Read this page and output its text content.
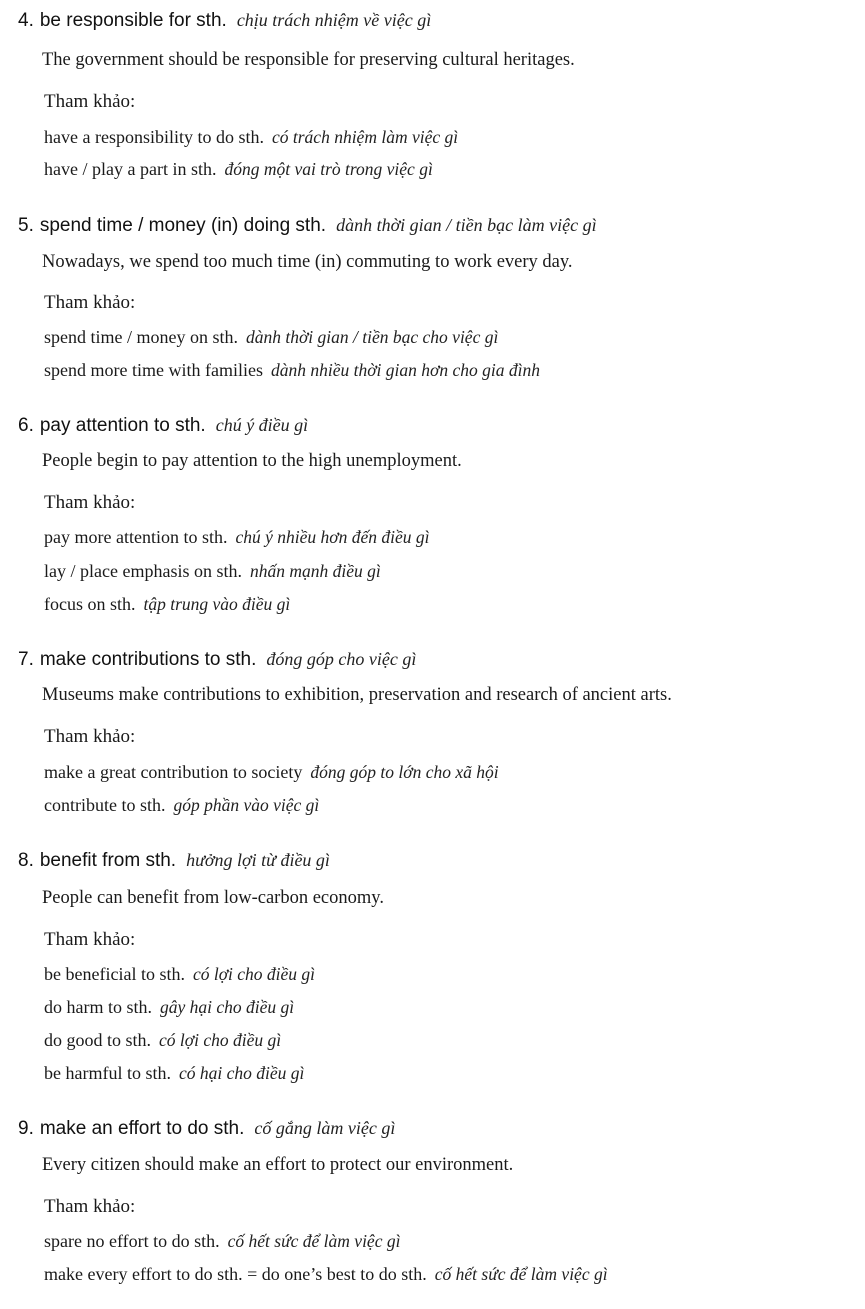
4. be responsible for sth. chịu trách nhiệm về việc gì
The government should be responsible for preserving cultural heritages.
Tham khảo:
have a responsibility to do sth. có trách nhiệm làm việc gì
have / play a part in sth. đóng một vai trò trong việc gì
5. spend time / money (in) doing sth. dành thời gian / tiền bạc làm việc gì
Nowadays, we spend too much time (in) commuting to work every day.
Tham khảo:
spend time / money on sth. dành thời gian / tiền bạc cho việc gì
spend more time with families dành nhiều thời gian hơn cho gia đình
6. pay attention to sth. chú ý điều gì
People begin to pay attention to the high unemployment.
Tham khảo:
pay more attention to sth. chú ý nhiều hơn đến điều gì
lay / place emphasis on sth. nhấn mạnh điều gì
focus on sth. tập trung vào điều gì
7. make contributions to sth. đóng góp cho việc gì
Museums make contributions to exhibition, preservation and research of ancient arts.
Tham khảo:
make a great contribution to society đóng góp to lớn cho xã hội
contribute to sth. góp phần vào việc gì
8. benefit from sth. hưởng lợi từ điều gì
People can benefit from low-carbon economy.
Tham khảo:
be beneficial to sth. có lợi cho điều gì
do harm to sth. gây hại cho điều gì
do good to sth. có lợi cho điều gì
be harmful to sth. có hại cho điều gì
9. make an effort to do sth. cố gắng làm việc gì
Every citizen should make an effort to protect our environment.
Tham khảo:
spare no effort to do sth. cố hết sức để làm việc gì
make every effort to do sth. = do one’s best to do sth. cố hết sức để làm việc gì
